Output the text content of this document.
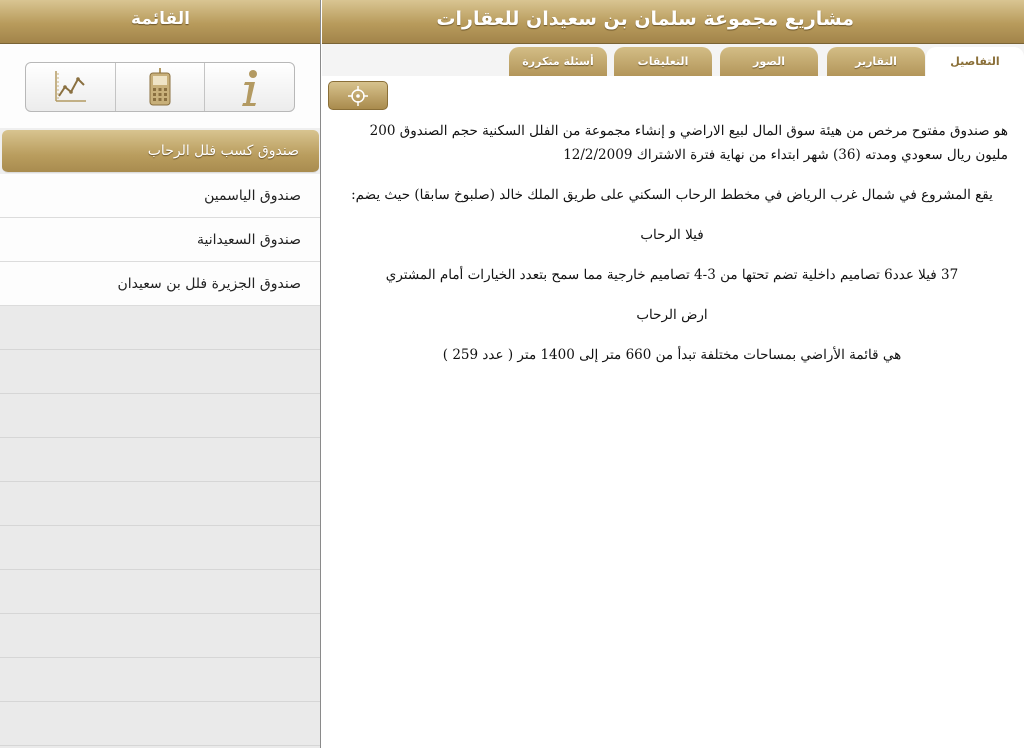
القائمة
صندوق كسب فلل الرحاب
صندوق الياسمين
صندوق السعيدانية
صندوق الجزيرة فلل بن سعيدان
مشاريع مجموعة سلمان بن سعيدان للعقارات
التفاصيل
التقارير
الصور
التعليقات
أسئلة متكررة

هو صندوق مفتوح مرخص من هيئة سوق المال لبيع الاراضي و إنشاء مجموعة من الفلل السكنية حجم الصندوق 200 مليون ريال سعودي ومدته (36) شهر ابتداء من نهاية فترة الاشتراك 12/2/2009

يقع المشروع في شمال غرب الرياض في مخطط الرحاب السكني على طريق الملك خالد (صلبوخ سابقا) حيث يضم:

فيلا الرحاب

37 فيلا عدد6 تصاميم داخلية تضم تحتها من 3-4 تصاميم خارجية مما سمح بتعدد الخيارات أمام المشتري

ارض الرحاب

هي قائمة الأراضي بمساحات مختلفة تبدأ من 660 متر إلى 1400 متر ( عدد 259 )
